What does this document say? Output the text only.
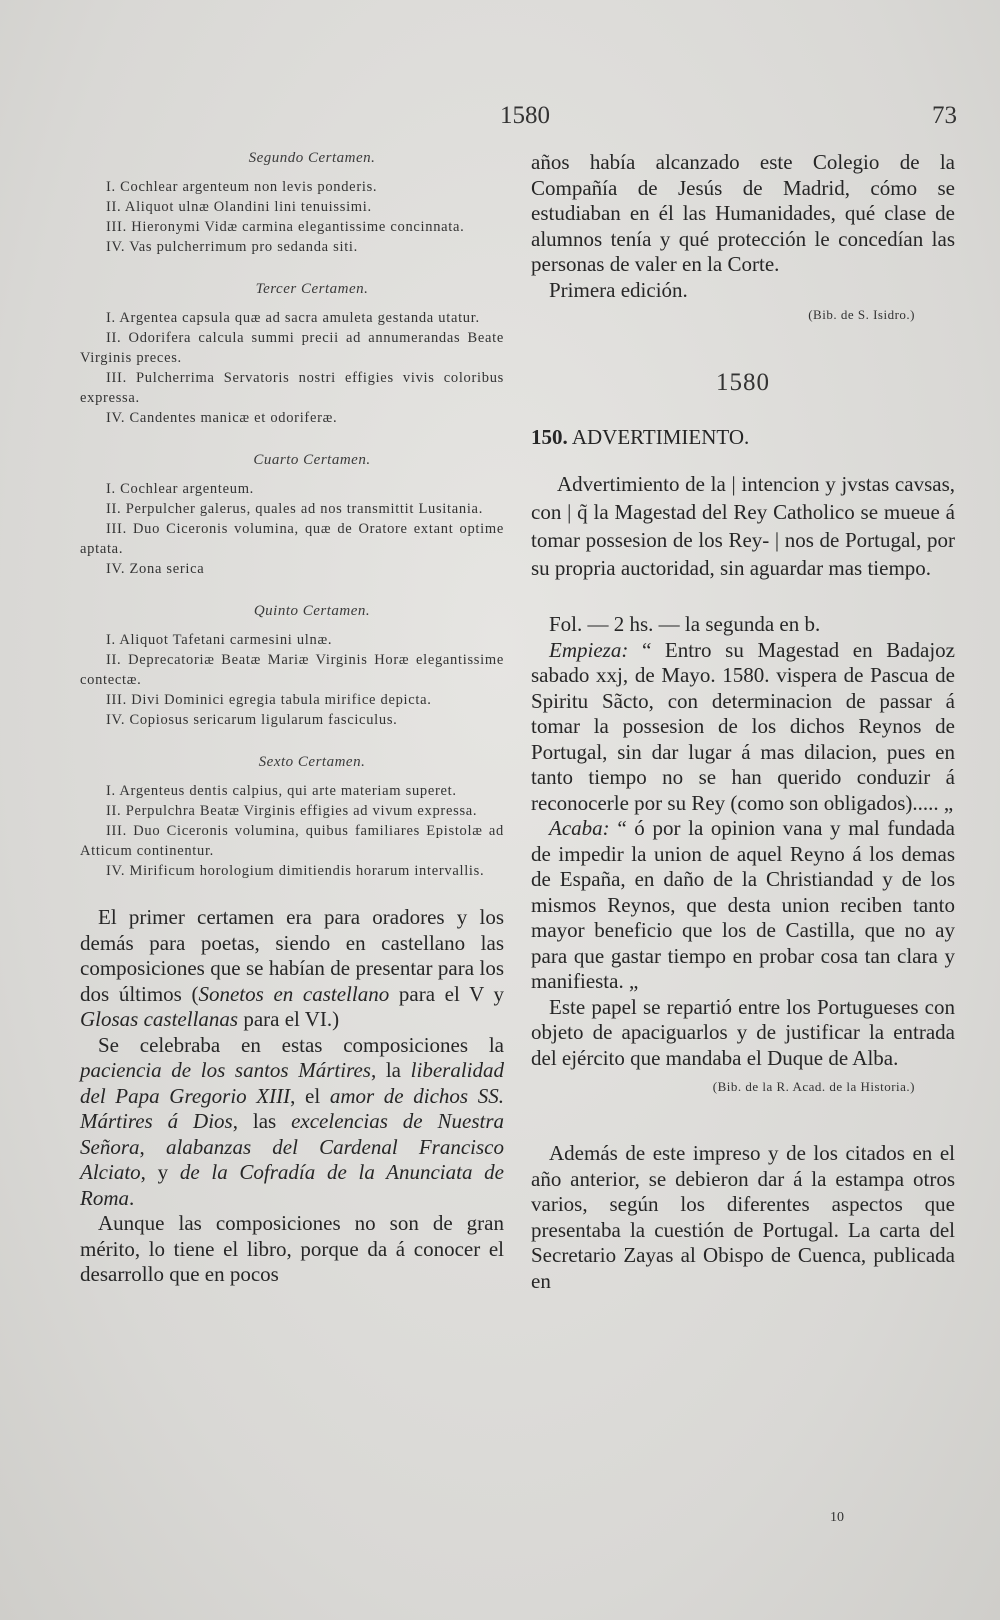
1580	73
Segundo Certamen.

I. Cochlear argenteum non levis ponderis.

II. Aliquot ulnæ Olandini lini tenuissimi.

III. Hieronymi Vidæ carmina elegantissime concinnata.

IV. Vas pulcherrimum pro sedanda siti.

Tercer Certamen.

I. Argentea capsula quæ ad sacra amuleta gestanda utatur.

II. Odorifera calcula summi precii ad annumerandas Beate Virginis preces.

III. Pulcherrima Servatoris nostri effigies vivis coloribus expressa.

IV. Candentes manicæ et odoriferæ.

Cuarto Certamen.

I. Cochlear argenteum.

II. Perpulcher galerus, quales ad nos transmittit Lusitania.

III. Duo Ciceronis volumina, quæ de Oratore extant optime aptata.

IV. Zona serica

Quinto Certamen.

I. Aliquot Tafetani carmesini ulnæ.

II. Deprecatoriæ Beatæ Mariæ Virginis Horæ elegantissime contectæ.

III. Divi Dominici egregia tabula mirifice depicta.

IV. Copiosus sericarum ligularum fasciculus.

Sexto Certamen.

I. Argenteus dentis calpius, qui arte materiam superet.

II. Perpulchra Beatæ Virginis effigies ad vivum expressa.

III. Duo Ciceronis volumina, quibus familiares Epistolæ ad Atticum continentur.

IV. Mirificum horologium dimitiendis horarum intervallis.

El primer certamen era para oradores y los demás para poetas, siendo en castellano las composiciones que se habían de presentar para los dos últimos (Sonetos en castellano para el V y Glosas castellanas para el VI.)

Se celebraba en estas composiciones la paciencia de los santos Mártires, la liberalidad del Papa Gregorio XIII, el amor de dichos SS. Mártires á Dios, las excelencias de Nuestra Señora, alabanzas del Cardenal Francisco Alciato, y de la Cofradía de la Anunciata de Roma.

Aunque las composiciones no son de gran mérito, lo tiene el libro, porque da á conocer el desarrollo que en pocos

años había alcanzado este Colegio de la Compañía de Jesús de Madrid, cómo se estudiaban en él las Humanidades, qué clase de alumnos tenía y qué protección le concedían las personas de valer en la Corte.

Primera edición.

(Bib. de S. Isidro.)
1580
150. ADVERTIMIENTO.

Advertimiento de la | intencion y jvstas cavsas, con | q̃ la Magestad del Rey Catholico se mueue á tomar possesion de los Rey- | nos de Portugal, por su propria auctoridad, sin aguardar mas tiempo.

Fol. — 2 hs. — la segunda en b.

Empieza: “ Entro su Magestad en Badajoz sabado xxj, de Mayo. 1580. vispera de Pascua de Spiritu Sãcto, con determinacion de passar á tomar la possesion de los dichos Reynos de Portugal, sin dar lugar á mas dilacion, pues en tanto tiempo no se han querido conduzir á reconocerle por su Rey (como son obligados)..... „

Acaba: “ ó por la opinion vana y mal fundada de impedir la union de aquel Reyno á los demas de España, en daño de la Christiandad y de los mismos Reynos, que desta union reciben tanto mayor beneficio que los de Castilla, que no ay para que gastar tiempo en probar cosa tan clara y manifiesta. „

Este papel se repartió entre los Portugueses con objeto de apaciguarlos y de justificar la entrada del ejército que mandaba el Duque de Alba.

(Bib. de la R. Acad. de la Historia.)

Además de este impreso y de los citados en el año anterior, se debieron dar á la estampa otros varios, según los diferentes aspectos que presentaba la cuestión de Portugal. La carta del Secretario Zayas al Obispo de Cuenca, publicada en

10
